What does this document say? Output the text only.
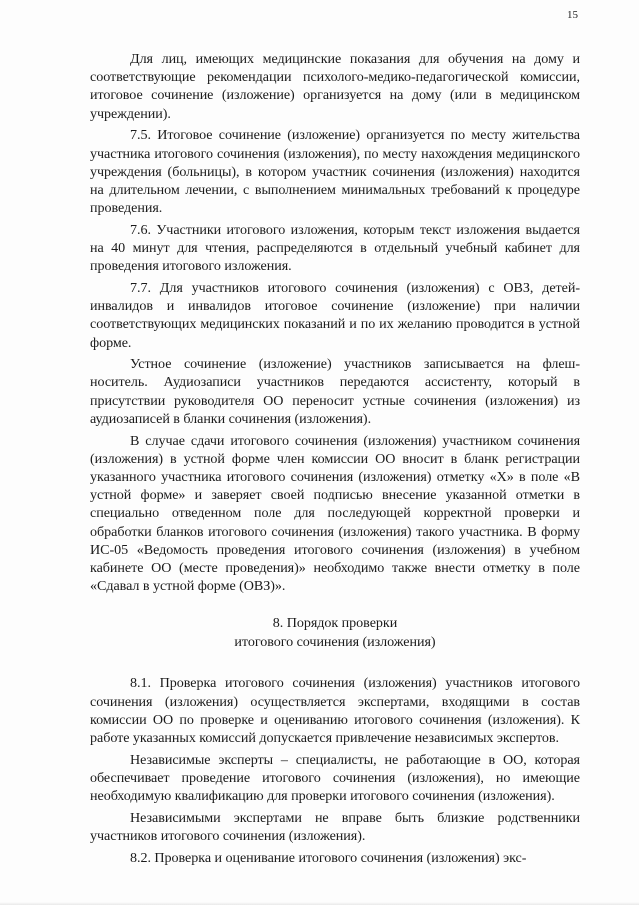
15

Для лиц, имеющих медицинские показания для обучения на дому и соответствующие рекомендации психолого-медико-педагогической комиссии, итоговое сочинение (изложение) организуется на дому (или в медицинском учреждении).

7.5. Итоговое сочинение (изложение) организуется по месту жительства участника итогового сочинения (изложения), по месту нахождения медицинского учреждения (больницы), в котором участник сочинения (изложения) находится на длительном лечении, с выполнением минимальных требований к процедуре проведения.

7.6. Участники итогового изложения, которым текст изложения выдается на 40 минут для чтения, распределяются в отдельный учебный кабинет для проведения итогового изложения.

7.7. Для участников итогового сочинения (изложения) с ОВЗ, детей-инвалидов и инвалидов итоговое сочинение (изложение) при наличии соответствующих медицинских показаний и по их желанию проводится в устной форме.

Устное сочинение (изложение) участников записывается на флеш-носитель. Аудиозаписи участников передаются ассистенту, который в присутствии руководителя ОО переносит устные сочинения (изложения) из аудиозаписей в бланки сочинения (изложения).

В случае сдачи итогового сочинения (изложения) участником сочинения (изложения) в устной форме член комиссии ОО вносит в бланк регистрации указанного участника итогового сочинения (изложения) отметку «Х» в поле «В устной форме» и заверяет своей подписью внесение указанной отметки в специально отведенном поле для последующей корректной проверки и обработки бланков итогового сочинения (изложения) такого участника. В форму ИС-05 «Ведомость проведения итогового сочинения (изложения) в учебном кабинете ОО (месте проведения)» необходимо также внести отметку в поле «Сдавал в устной форме (ОВЗ)».

8. Порядок проверки
итогового сочинения (изложения)

8.1. Проверка итогового сочинения (изложения) участников итогового сочинения (изложения) осуществляется экспертами, входящими в состав комиссии ОО по проверке и оцениванию итогового сочинения (изложения). К работе указанных комиссий допускается привлечение независимых экспертов.

Независимые эксперты – специалисты, не работающие в ОО, которая обеспечивает проведение итогового сочинения (изложения), но имеющие необходимую квалификацию для проверки итогового сочинения (изложения).

Независимыми экспертами не вправе быть близкие родственники участников итогового сочинения (изложения).

8.2. Проверка и оценивание итогового сочинения (изложения) экс-
